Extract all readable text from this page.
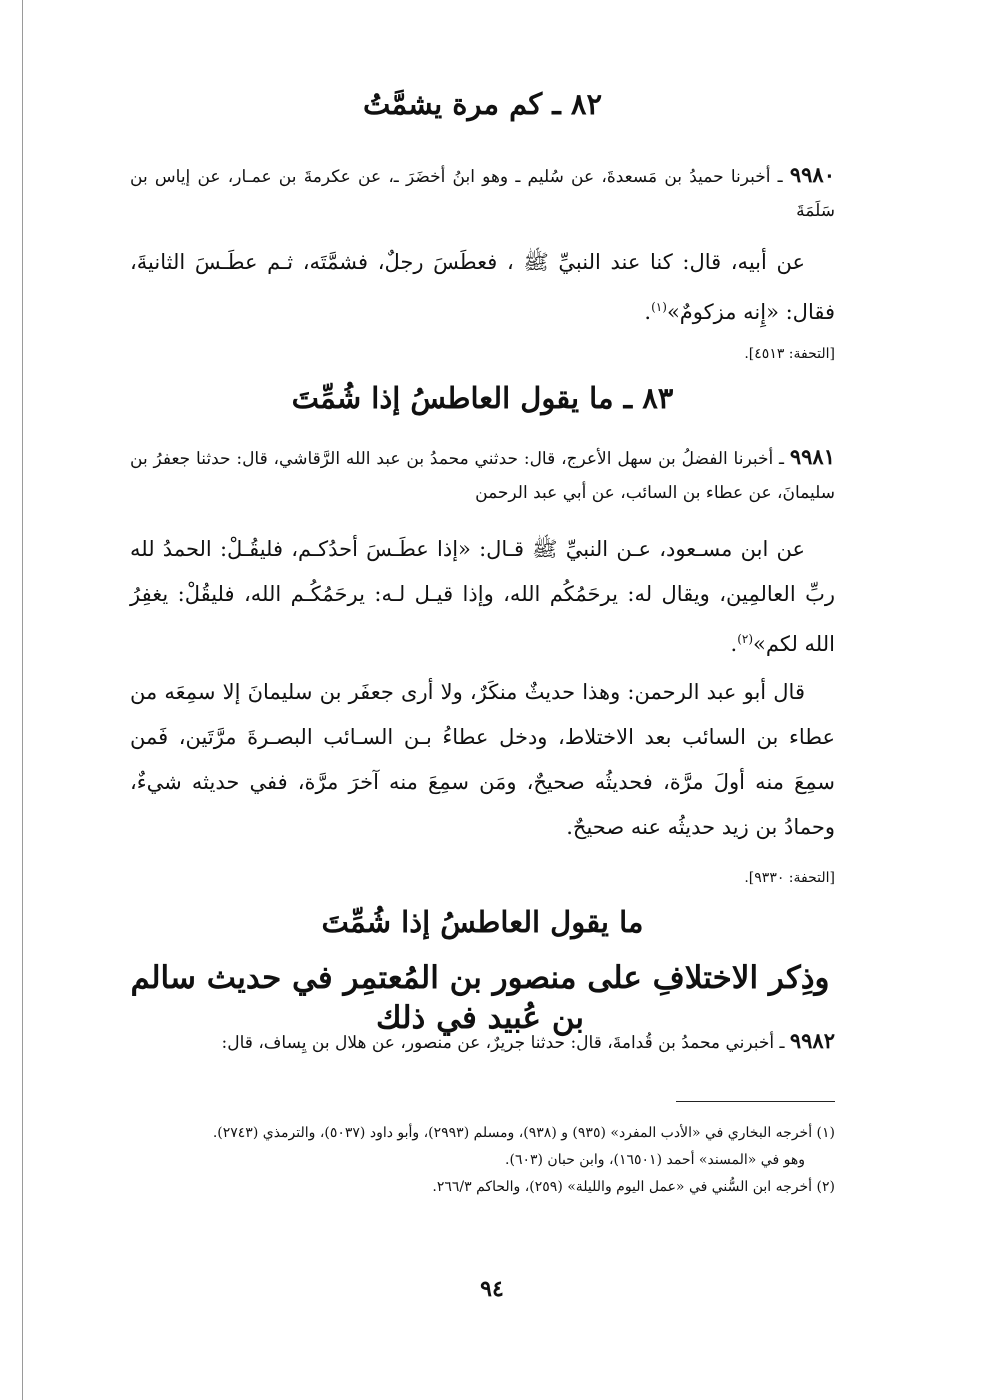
٨٢ ـ كم مرة يشمَّتُ
٩٩٨٠ ـ أخبرنا حميدُ بن مَسعدةَ، عن سُليم ـ وهو ابنُ أخضَرَ ـ، عن عكرمةَ بن عمـار، عن إياس بن سَلَمَةَ
عن أبيه، قال: كنا عند النبيِّ ﷺ ، فعطَسَ رجلٌ، فشمَّتَه، ثـم عطَـسَ الثانيةَ، فقال: «إِنه مزكومٌ»$^{(١)}$.
[التحفة: ٤٥١٣].
٨٣ ـ ما يقول العاطسُ إذا شُمِّتَ
٩٩٨١ ـ أخبرنا الفضلُ بن سهل الأعرج، قال: حدثني محمدُ بن عبد الله الرَّقاشي، قال: حدثنا جعفرُ بن سليمانَ، عن عطاء بن السائب، عن أبي عبد الرحمن
عن ابن مسـعود، عـن النبيِّ ﷺ قـال: «إذا عطَـسَ أحدُكـم، فليقُـلْ: الحمدُ لله ربِّ العالمِين، ويقال له: يرحَمُكُم الله، وإذا قيـل لـه: يرحَمُكُـم الله، فليقُلْ: يغفِرُ الله لكم»$^{(٢)}$.
قال أبو عبد الرحمن: وهذا حديثٌ منكَرٌ، ولا أرى جعفَر بن سليمانَ إلا سمِعَه من عطاء بن السائب بعد الاختلاط، ودخل عطاءُ بـن السـائب البصـرةَ مرَّتَين، فَمن سمِعَ منه أولَ مرَّة، فحديثُه صحيحٌ، ومَن سمِعَ منه آخرَ مرَّة، ففي حديثه شيءٌ، وحمادُ بن زيد حديثُه عنه صحيحٌ.
[التحفة: ٩٣٣٠].
ما يقول العاطسُ إذا شُمِّتَ
وذِكر الاختلافِ على منصور بن المُعتمِر في حديث سالم بن عُبيد في ذلك
٩٩٨٢ ـ أخبرني محمدُ بن قُدامةَ، قال: حدثنا جريرٌ، عن منصور، عن هلال بن يِساف، قال:
(١) أخرجه البخاري في «الأدب المفرد» (٩٣٥) و (٩٣٨)، ومسلم (٢٩٩٣)، وأبو داود (٥٠٣٧)، والترمذي (٢٧٤٣).
وهو في «المسند» أحمد (١٦٥٠١)، وابن حبان (٦٠٣).
(٢) أخرجه ابن السُّني في «عمل اليوم والليلة» (٢٥٩)، والحاكم ٢٦٦/٣.
٩٤
